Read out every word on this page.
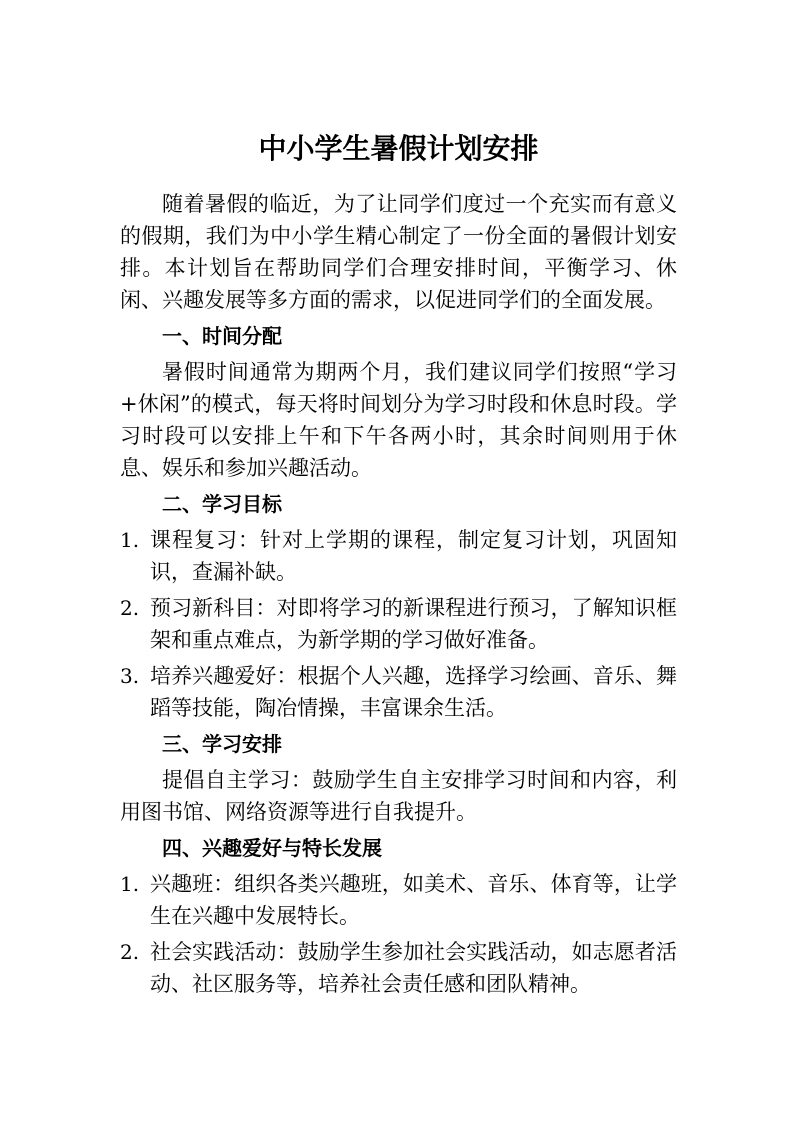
中小学生暑假计划安排

随着暑假的临近，为了让同学们度过一个充实而有意义的假期，我们为中小学生精心制定了一份全面的暑假计划安排。本计划旨在帮助同学们合理安排时间，平衡学习、休闲、兴趣发展等多方面的需求，以促进同学们的全面发展。

一、时间分配

暑假时间通常为期两个月，我们建议同学们按照“学习+休闲”的模式，每天将时间划分为学习时段和休息时段。学习时段可以安排上午和下午各两小时，其余时间则用于休息、娱乐和参加兴趣活动。

二、学习目标
1. 课程复习：针对上学期的课程，制定复习计划，巩固知识，查漏补缺。
2. 预习新科目：对即将学习的新课程进行预习，了解知识框架和重点难点，为新学期的学习做好准备。
3. 培养兴趣爱好：根据个人兴趣，选择学习绘画、音乐、舞蹈等技能，陶冶情操，丰富课余生活。
三、学习安排

提倡自主学习：鼓励学生自主安排学习时间和内容，利用图书馆、网络资源等进行自我提升。

四、兴趣爱好与特长发展
1. 兴趣班：组织各类兴趣班，如美术、音乐、体育等，让学生在兴趣中发展特长。
2. 社会实践活动：鼓励学生参加社会实践活动，如志愿者活动、社区服务等，培养社会责任感和团队精神。
